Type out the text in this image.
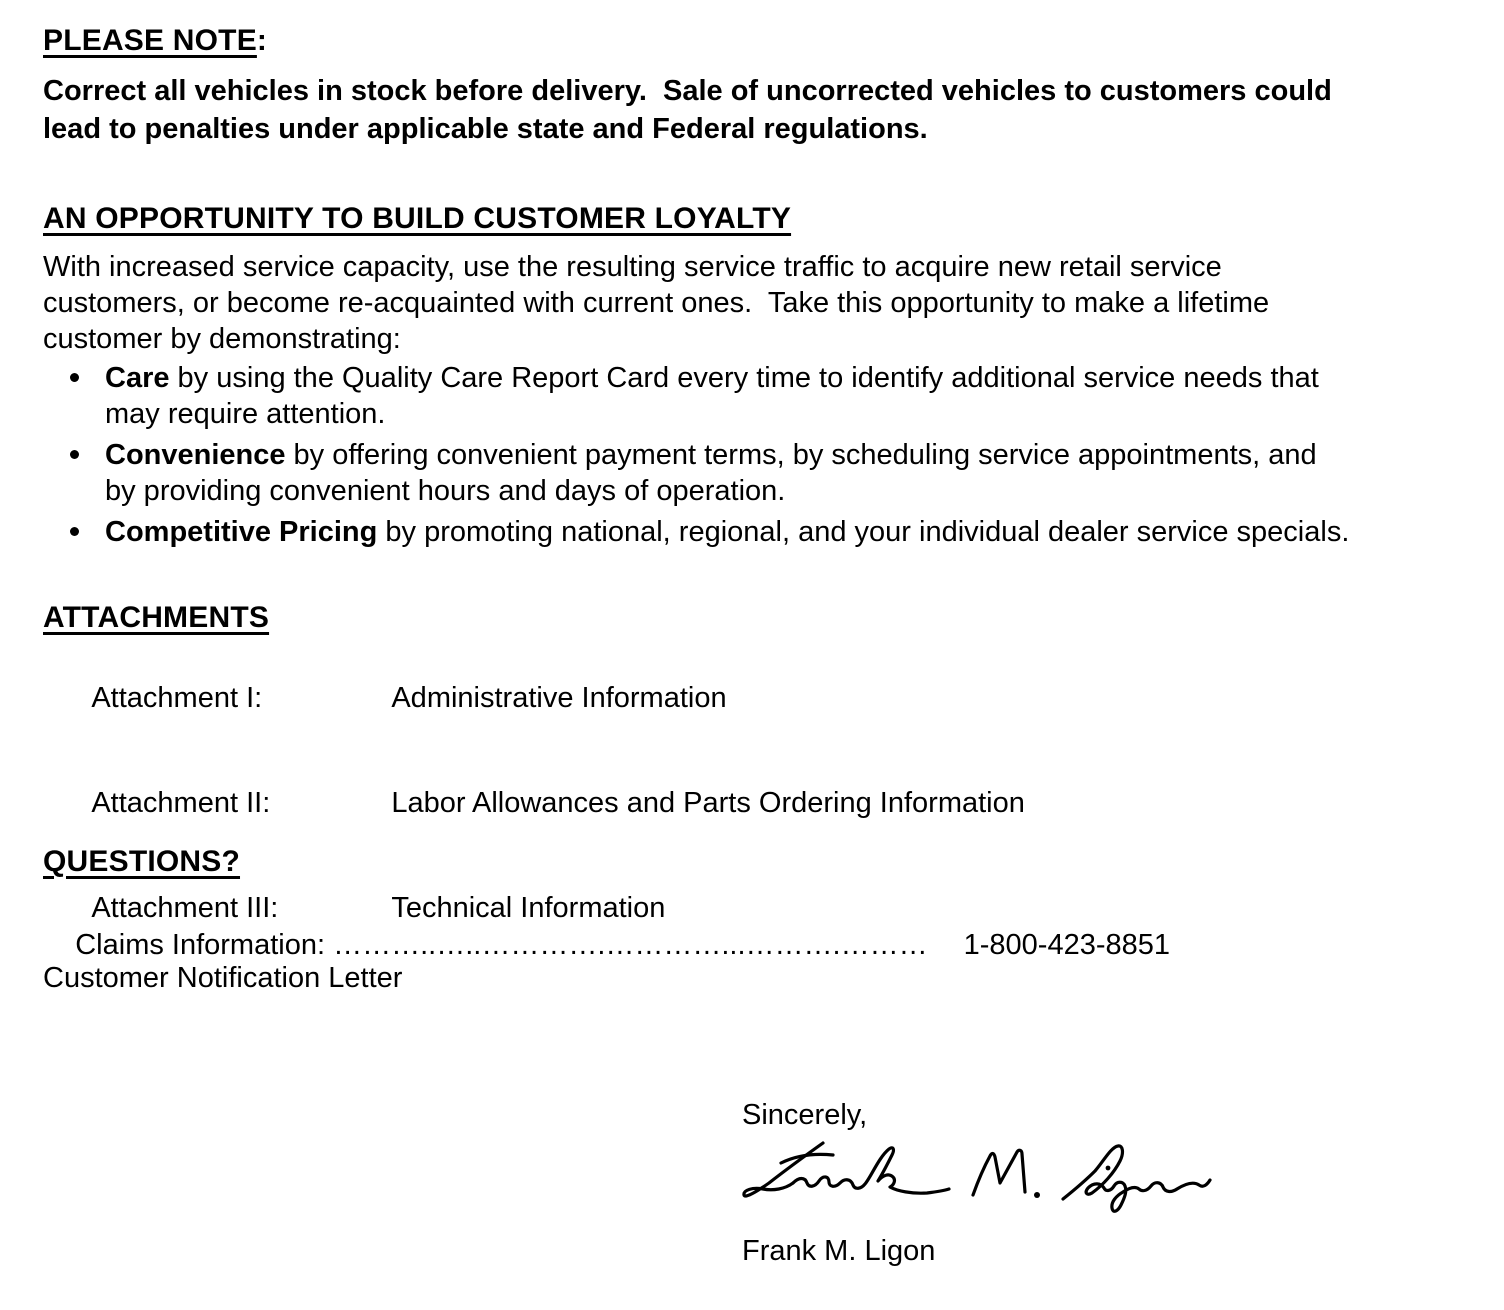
PLEASE NOTE:
Correct all vehicles in stock before delivery.  Sale of uncorrected vehicles to customers could
lead to penalties under applicable state and Federal regulations.
AN OPPORTUNITY TO BUILD CUSTOMER LOYALTY
With increased service capacity, use the resulting service traffic to acquire new retail service
customers, or become re-acquainted with current ones.  Take this opportunity to make a lifetime
customer by demonstrating:
Care by using the Quality Care Report Card every time to identify additional service needs that
may require attention.
Convenience by offering convenient payment terms, by scheduling service appointments, and
by providing convenient hours and days of operation.
Competitive Pricing by promoting national, regional, and your individual dealer service specials.
ATTACHMENTS

Attachment I:	Administrative Information

Attachment II:	Labor Allowances and Parts Ordering Information

Attachment III:	Technical Information

Customer Notification Letter
QUESTIONS?

Claims Information: ………..…..………….…………...……….……… 1-800-423-8851

Sincerely,
Frank M. Ligon
